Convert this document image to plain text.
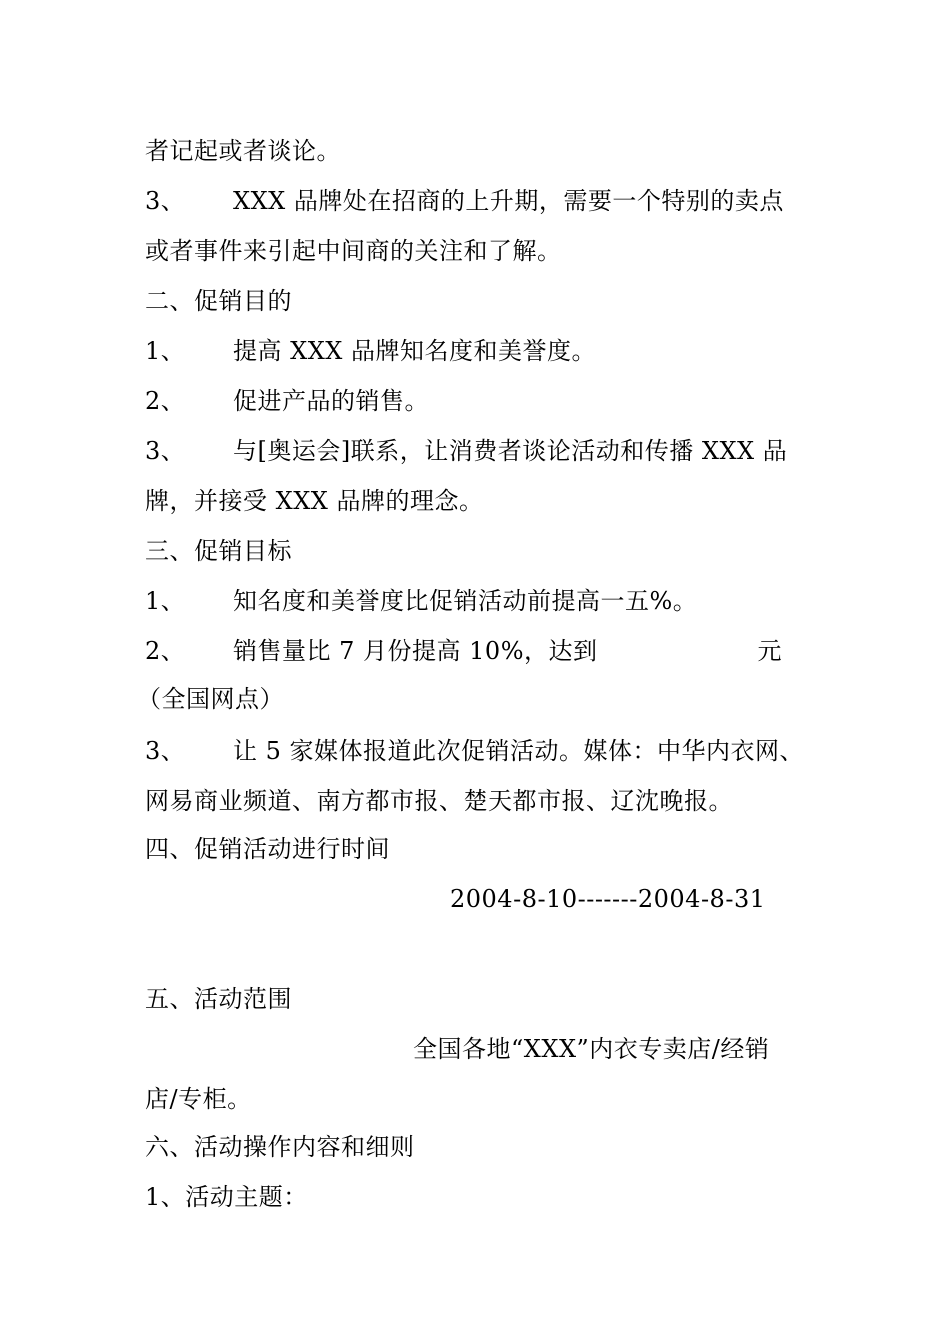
者记起或者谈论。
3、 XXX 品牌处在招商的上升期，需要一个特别的卖点
或者事件来引起中间商的关注和了解。
二、促销目的
1、 提高 XXX 品牌知名度和美誉度。
2、 促进产品的销售。
3、 与[奥运会]联系，让消费者谈论活动和传播 XXX 品
牌，并接受 XXX 品牌的理念。
三、促销目标
1、 知名度和美誉度比促销活动前提高一五%。
2、 销售量比 7 月份提高 10%，达到	元
（全国网点）
3、 让 5 家媒体报道此次促销活动。媒体：中华内衣网、
网易商业频道、南方都市报、楚天都市报、辽沈晚报。
四、促销活动进行时间
2004-8-10-------2004-8-31
五、活动范围
全国各地“XXX”内衣专卖店/经销
店/专柜。
六、活动操作内容和细则
1、活动主题：
